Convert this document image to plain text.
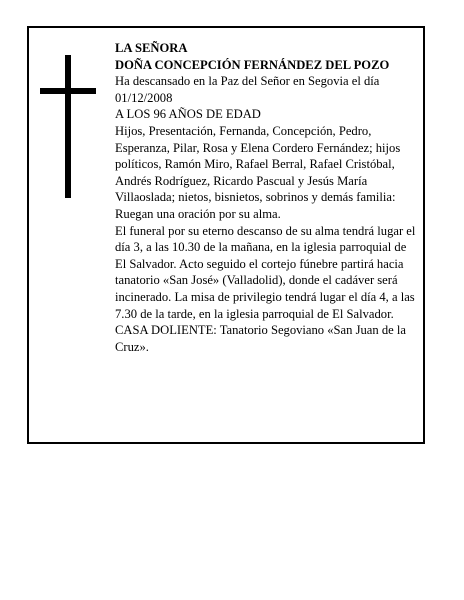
LA SEÑORA

DOÑA CONCEPCIÓN FERNÁNDEZ DEL POZO

Ha descansado en la Paz del Señor en Segovia el día 01/12/2008

A LOS 96 AÑOS DE EDAD

Hijos, Presentación, Fernanda, Concepción, Pedro, Esperanza, Pilar, Rosa y Elena Cordero Fernández; hijos políticos, Ramón Miro, Rafael Berral, Rafael Cristóbal, Andrés Rodríguez, Ricardo Pascual y Jesús María Villaoslada; nietos, bisnietos, sobrinos y demás familia:

Ruegan una oración por su alma.

El funeral por su eterno descanso de su alma tendrá lugar el día 3, a las 10.30 de la mañana, en la iglesia parroquial de El Salvador. Acto seguido el cortejo fúnebre partirá hacia tanatorio «San José» (Valladolid), donde el cadáver será incinerado. La misa de privilegio tendrá lugar el día 4, a las 7.30 de la tarde, en la iglesia parroquial de El Salvador.

CASA DOLIENTE: Tanatorio Segoviano «San Juan de la Cruz».
